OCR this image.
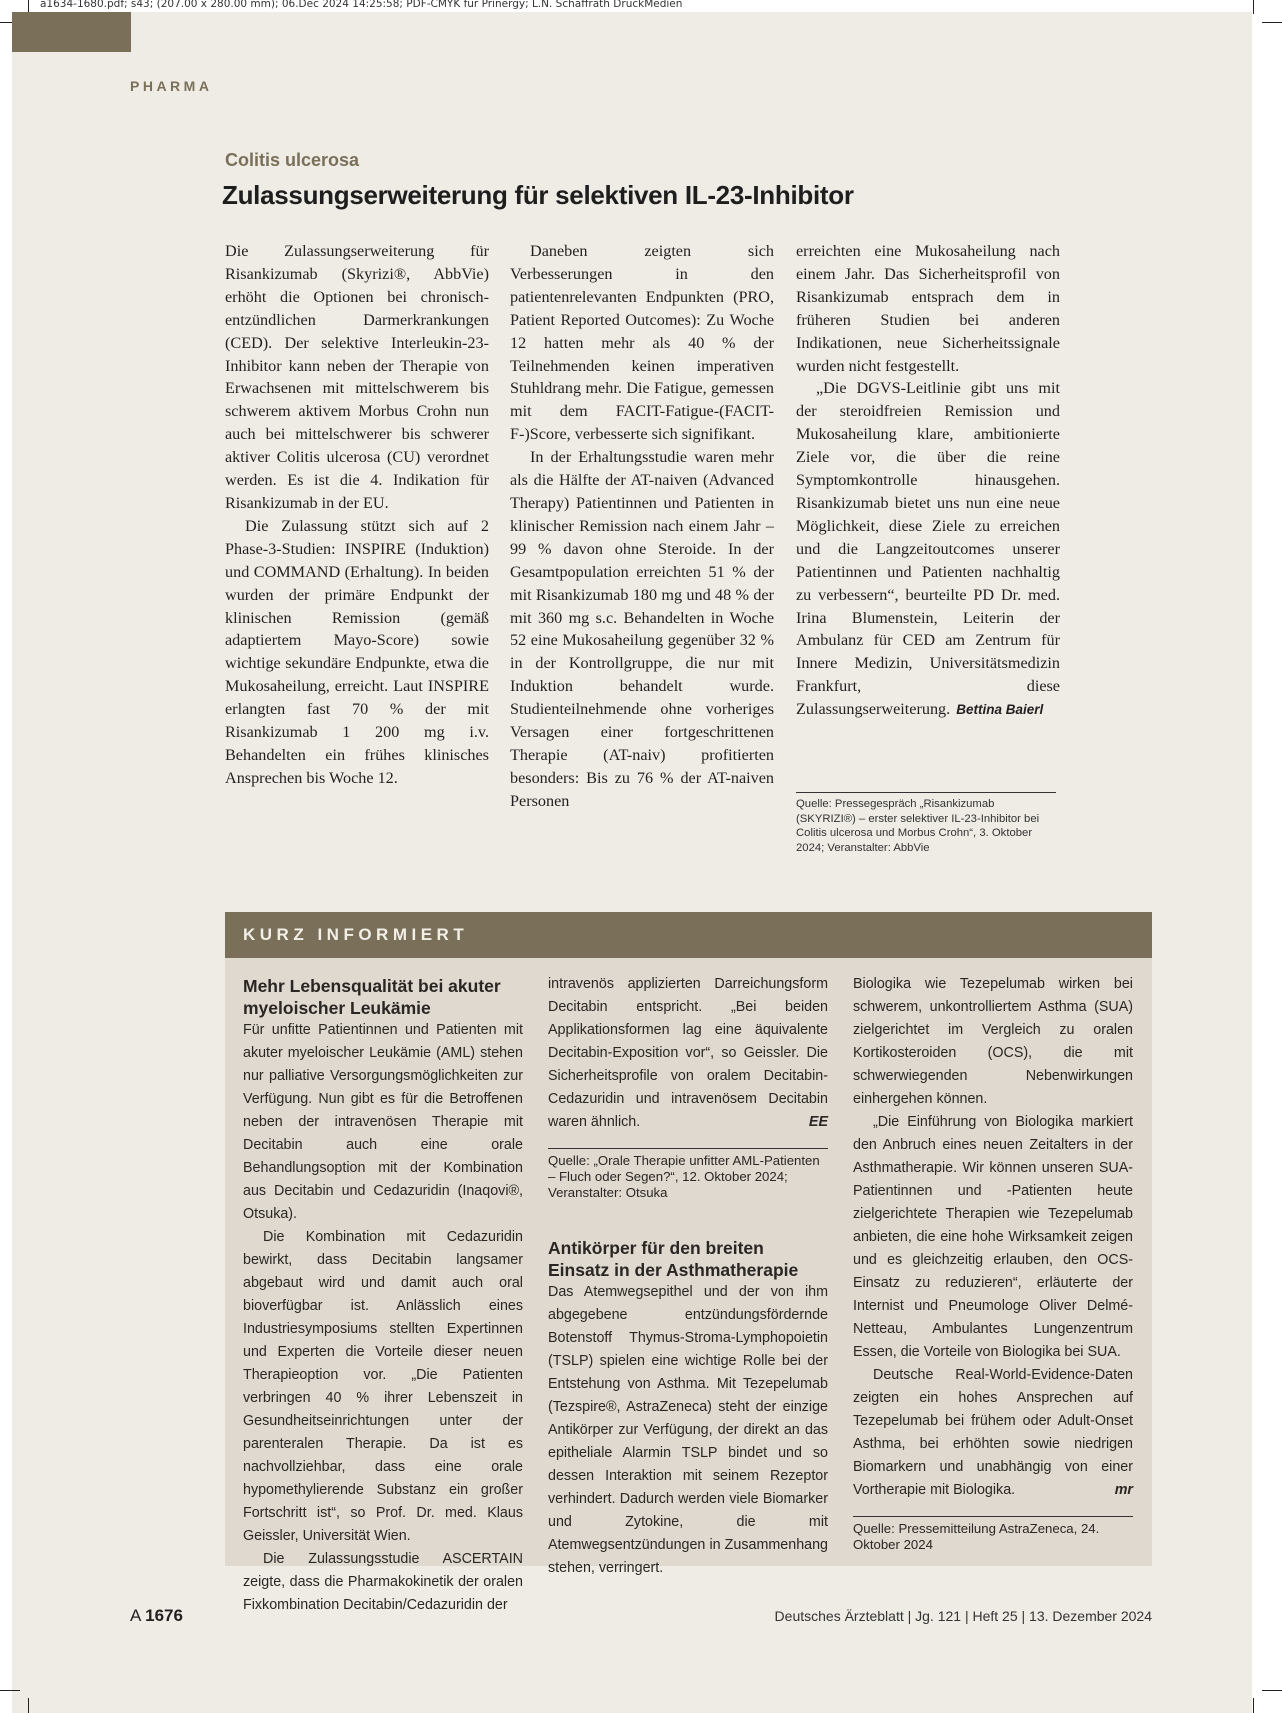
a1634-1680.pdf; s43; (207.00 x 280.00 mm); 06.Dec 2024 14:25:58; PDF-CMYK für Prinergy; L.N. Schaffrath DruckMedien
PHARMA
Colitis ulcerosa
Zulassungserweiterung für selektiven IL-23-Inhibitor

Die Zulassungserweiterung für Risankizumab (Skyrizi®, AbbVie) erhöht die Optionen bei chronisch-entzündlichen Darmerkrankungen (CED). Der selektive Interleukin-23-Inhibitor kann neben der Therapie von Erwachsenen mit mittelschwerem bis schwerem aktivem Morbus Crohn nun auch bei mittelschwerer bis schwerer aktiver Colitis ulcerosa (CU) verordnet werden. Es ist die 4. Indikation für Risankizumab in der EU.

Die Zulassung stützt sich auf 2 Phase-3-Studien: INSPIRE (Induktion) und COMMAND (Erhaltung). In beiden wurden der primäre Endpunkt der klinischen Remission (gemäß adaptiertem Mayo-Score) sowie wichtige sekundäre Endpunkte, etwa die Mukosaheilung, erreicht. Laut INSPIRE erlangten fast 70 % der mit Risankizumab 1 200 mg i.v. Behandelten ein frühes klinisches Ansprechen bis Woche 12.

Daneben zeigten sich Verbesserungen in den patientenrelevanten Endpunkten (PRO, Patient Reported Outcomes): Zu Woche 12 hatten mehr als 40 % der Teilnehmenden keinen imperativen Stuhldrang mehr. Die Fatigue, gemessen mit dem FACIT-Fatigue-(FACIT-F-)Score, verbesserte sich signifikant.

In der Erhaltungsstudie waren mehr als die Hälfte der AT-naiven (Advanced Therapy) Patientinnen und Patienten in klinischer Remission nach einem Jahr – 99 % davon ohne Steroide. In der Gesamtpopulation erreichten 51 % der mit Risankizumab 180 mg und 48 % der mit 360 mg s.c. Behandelten in Woche 52 eine Mukosaheilung gegenüber 32 % in der Kontrollgruppe, die nur mit Induktion behandelt wurde. Studienteilnehmende ohne vorheriges Versagen einer fortgeschrittenen Therapie (AT-naiv) profitierten besonders: Bis zu 76 % der AT-naiven Personen

erreichten eine Mukosaheilung nach einem Jahr. Das Sicherheitsprofil von Risankizumab entsprach dem in früheren Studien bei anderen Indikationen, neue Sicherheitssignale wurden nicht festgestellt.

„Die DGVS-Leitlinie gibt uns mit der steroidfreien Remission und Mukosaheilung klare, ambitionierte Ziele vor, die über die reine Symptomkontrolle hinausgehen. Risankizumab bietet uns nun eine neue Möglichkeit, diese Ziele zu erreichen und die Langzeitoutcomes unserer Patientinnen und Patienten nachhaltig zu verbessern“, beurteilte PD Dr. med. Irina Blumenstein, Leiterin der Ambulanz für CED am Zentrum für Innere Medizin, Universitätsmedizin Frankfurt, diese Zulassungserweiterung. Bettina Baierl

Quelle: Pressegespräch „Risankizumab (SKYRIZI®) – erster selektiver IL-23-Inhibitor bei Colitis ulcerosa und Morbus Crohn“, 3. Oktober 2024; Veranstalter: AbbVie
KURZ INFORMIERT
Mehr Lebensqualität bei akuter myeloischer Leukämie

Für unfitte Patientinnen und Patienten mit akuter myeloischer Leukämie (AML) stehen nur palliative Versorgungsmöglichkeiten zur Verfügung. Nun gibt es für die Betroffenen neben der intravenösen Therapie mit Decitabin auch eine orale Behandlungsoption mit der Kombination aus Decitabin und Cedazuridin (Inaqovi®, Otsuka).

Die Kombination mit Cedazuridin bewirkt, dass Decitabin langsamer abgebaut wird und damit auch oral bioverfügbar ist. Anlässlich eines Industriesymposiums stellten Expertinnen und Experten die Vorteile dieser neuen Therapieoption vor. „Die Patienten verbringen 40 % ihrer Lebenszeit in Gesundheitseinrichtungen unter der parenteralen Therapie. Da ist es nachvollziehbar, dass eine orale hypomethylierende Substanz ein großer Fortschritt ist“, so Prof. Dr. med. Klaus Geissler, Universität Wien.

Die Zulassungsstudie ASCERTAIN zeigte, dass die Pharmakokinetik der oralen Fixkombination Decitabin/Cedazuridin der

intravenös applizierten Darreichungsform Decitabin entspricht. „Bei beiden Applikationsformen lag eine äquivalente Decitabin-Exposition vor“, so Geissler. Die Sicherheitsprofile von oralem Decitabin-Cedazuridin und intravenösem Decitabin waren ähnlich.	EE

Quelle: „Orale Therapie unfitter AML-Patienten – Fluch oder Segen?“, 12. Oktober 2024; Veranstalter: Otsuka
Antikörper für den breiten Einsatz in der Asthmatherapie

Das Atemwegsepithel und der von ihm abgegebene entzündungsfördernde Botenstoff Thymus-Stroma-Lymphopoietin (TSLP) spielen eine wichtige Rolle bei der Entstehung von Asthma. Mit Tezepelumab (Tezspire®, AstraZeneca) steht der einzige Antikörper zur Verfügung, der direkt an das epitheliale Alarmin TSLP bindet und so dessen Interaktion mit seinem Rezeptor verhindert. Dadurch werden viele Biomarker und Zytokine, die mit Atemwegsentzündungen in Zusammenhang stehen, verringert.

Biologika wie Tezepelumab wirken bei schwerem, unkontrolliertem Asthma (SUA) zielgerichtet im Vergleich zu oralen Kortikosteroiden (OCS), die mit schwerwiegenden Nebenwirkungen einhergehen können.

„Die Einführung von Biologika markiert den Anbruch eines neuen Zeitalters in der Asthmatherapie. Wir können unseren SUA-Patientinnen und -Patienten heute zielgerichtete Therapien wie Tezepelumab anbieten, die eine hohe Wirksamkeit zeigen und es gleichzeitig erlauben, den OCS-Einsatz zu reduzieren“, erläuterte der Internist und Pneumologe Oliver Delmé-Netteau, Ambulantes Lungenzentrum Essen, die Vorteile von Biologika bei SUA.

Deutsche Real-World-Evidence-Daten zeigten ein hohes Ansprechen auf Tezepelumab bei frühem oder Adult-Onset Asthma, bei erhöhten sowie niedrigen Biomarkern und unabhängig von einer Vortherapie mit Biologika.	mr

Quelle: Pressemitteilung AstraZeneca, 24. Oktober 2024
A 1676	Deutsches Ärzteblatt | Jg. 121 | Heft 25 | 13. Dezember 2024
